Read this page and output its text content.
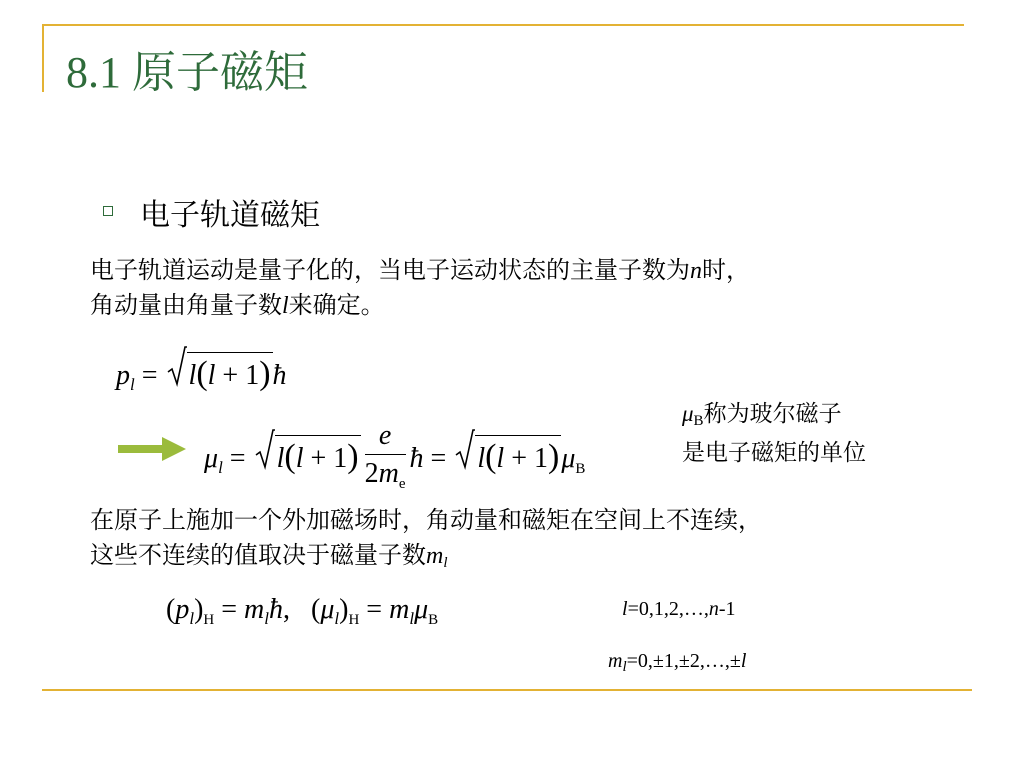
8.1 原子磁矩
电子轨道磁矩
电子轨道运动是量子化的，当电子运动状态的主量子数为n时，
角动量由角量子数l来确定。
$p_l$ =
l(l + 1)ħ
$\mu_l$ =
$l(l + 1) \frac{e}{2m_e}$ ħ =
$l(l + 1)\mu_B$
$\mu_B$称为玻尔磁子
是电子磁矩的单位
在原子上施加一个外加磁场时，角动量和磁矩在空间上不连续，
这些不连续的值取决于磁量子数$m_l$
$(p_l)_H$ = $m_lħ$,   $(\mu_l)_H = m_l\mu_B$	l=0,1,2,…,n-1
$m_l=0,\pm 1,\pm 2,\dots,\pm l$
